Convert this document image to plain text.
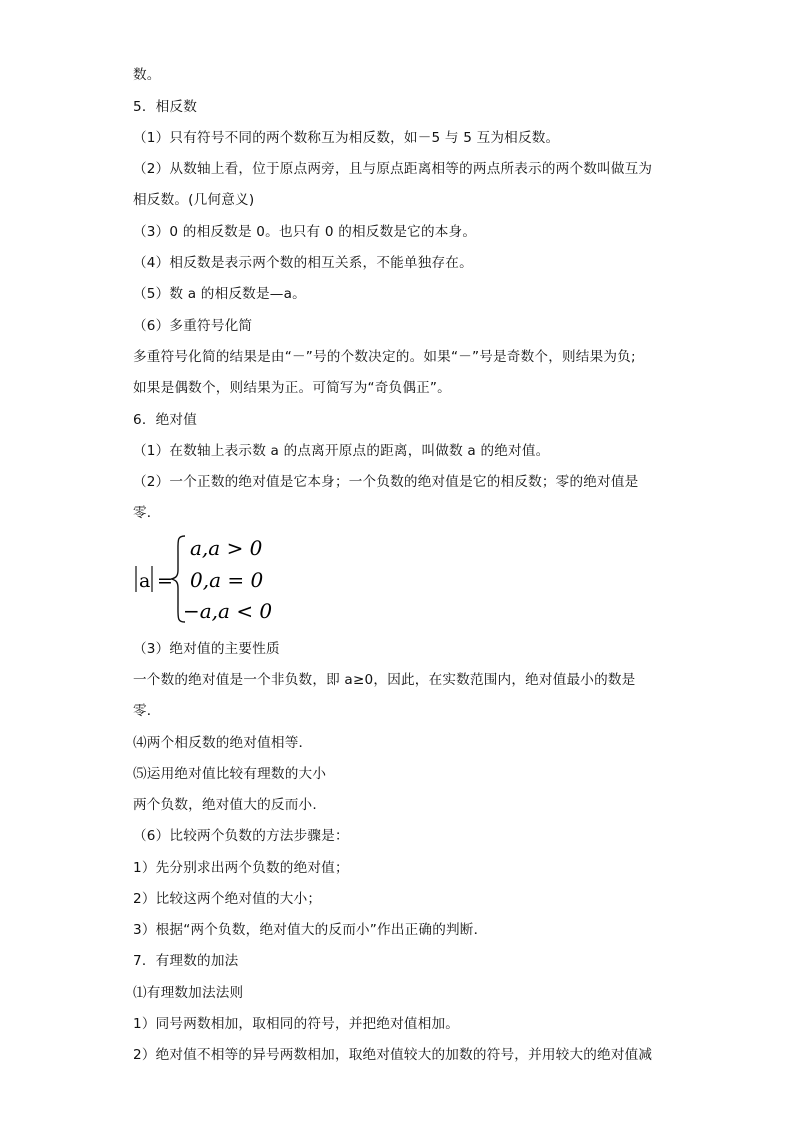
数。
5．相反数
（1）只有符号不同的两个数称互为相反数，如－5 与 5 互为相反数。
（2）从数轴上看，位于原点两旁，且与原点距离相等的两点所表示的两个数叫做互为
相反数。(几何意义)
（3）0 的相反数是 0。也只有 0 的相反数是它的本身。
（4）相反数是表示两个数的相互关系，不能单独存在。
（5）数 a 的相反数是—a。
（6）多重符号化简
多重符号化简的结果是由“－”号的个数决定的。如果“－”号是奇数个，则结果为负;
如果是偶数个，则结果为正。可简写为“奇负偶正”。
6．绝对值
（1）在数轴上表示数 a 的点离开原点的距离，叫做数 a 的绝对值。
（2）一个正数的绝对值是它本身；一个负数的绝对值是它的相反数；零的绝对值是
零．
a =
a,a > 0
0,a = 0
−a,a < 0
（3）绝对值的主要性质
一个数的绝对值是一个非负数，即 a≥0，因此，在实数范围内，绝对值最小的数是
零．
⑷两个相反数的绝对值相等．
⑸运用绝对值比较有理数的大小
两个负数，绝对值大的反而小.
（6）比较两个负数的方法步骤是：
1）先分别求出两个负数的绝对值；
2）比较这两个绝对值的大小；
3）根据“两个负数，绝对值大的反而小”作出正确的判断．
7．有理数的加法
⑴有理数加法法则
1）同号两数相加，取相同的符号，并把绝对值相加。
2）绝对值不相等的异号两数相加，取绝对值较大的加数的符号，并用较大的绝对值减
